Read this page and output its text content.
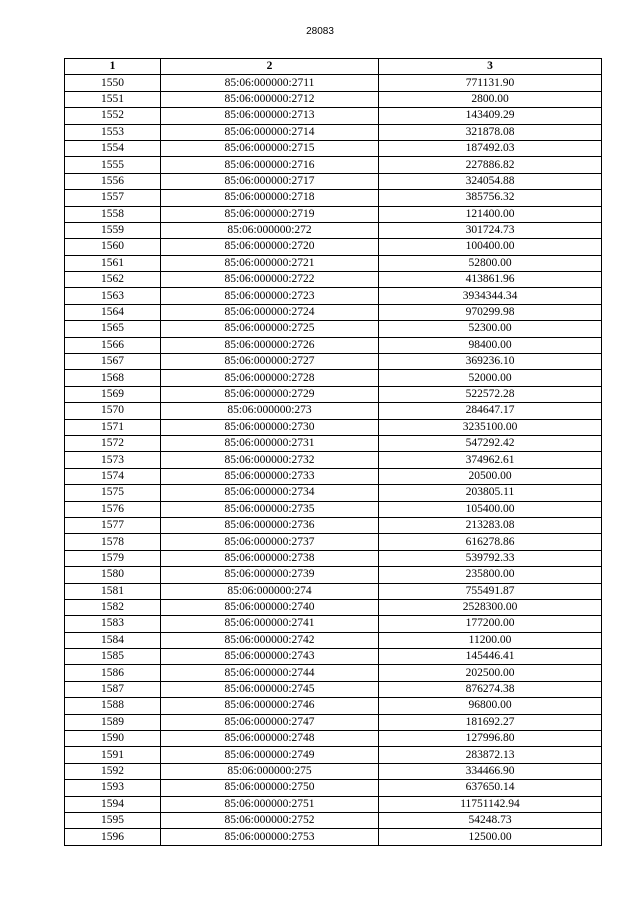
28083
1	2	3
1550	85:06:000000:2711	771131.90
1551	85:06:000000:2712	2800.00
1552	85:06:000000:2713	143409.29
1553	85:06:000000:2714	321878.08
1554	85:06:000000:2715	187492.03
1555	85:06:000000:2716	227886.82
1556	85:06:000000:2717	324054.88
1557	85:06:000000:2718	385756.32
1558	85:06:000000:2719	121400.00
1559	85:06:000000:272	301724.73
1560	85:06:000000:2720	100400.00
1561	85:06:000000:2721	52800.00
1562	85:06:000000:2722	413861.96
1563	85:06:000000:2723	3934344.34
1564	85:06:000000:2724	970299.98
1565	85:06:000000:2725	52300.00
1566	85:06:000000:2726	98400.00
1567	85:06:000000:2727	369236.10
1568	85:06:000000:2728	52000.00
1569	85:06:000000:2729	522572.28
1570	85:06:000000:273	284647.17
1571	85:06:000000:2730	3235100.00
1572	85:06:000000:2731	547292.42
1573	85:06:000000:2732	374962.61
1574	85:06:000000:2733	20500.00
1575	85:06:000000:2734	203805.11
1576	85:06:000000:2735	105400.00
1577	85:06:000000:2736	213283.08
1578	85:06:000000:2737	616278.86
1579	85:06:000000:2738	539792.33
1580	85:06:000000:2739	235800.00
1581	85:06:000000:274	755491.87
1582	85:06:000000:2740	2528300.00
1583	85:06:000000:2741	177200.00
1584	85:06:000000:2742	11200.00
1585	85:06:000000:2743	145446.41
1586	85:06:000000:2744	202500.00
1587	85:06:000000:2745	876274.38
1588	85:06:000000:2746	96800.00
1589	85:06:000000:2747	181692.27
1590	85:06:000000:2748	127996.80
1591	85:06:000000:2749	283872.13
1592	85:06:000000:275	334466.90
1593	85:06:000000:2750	637650.14
1594	85:06:000000:2751	11751142.94
1595	85:06:000000:2752	54248.73
1596	85:06:000000:2753	12500.00
